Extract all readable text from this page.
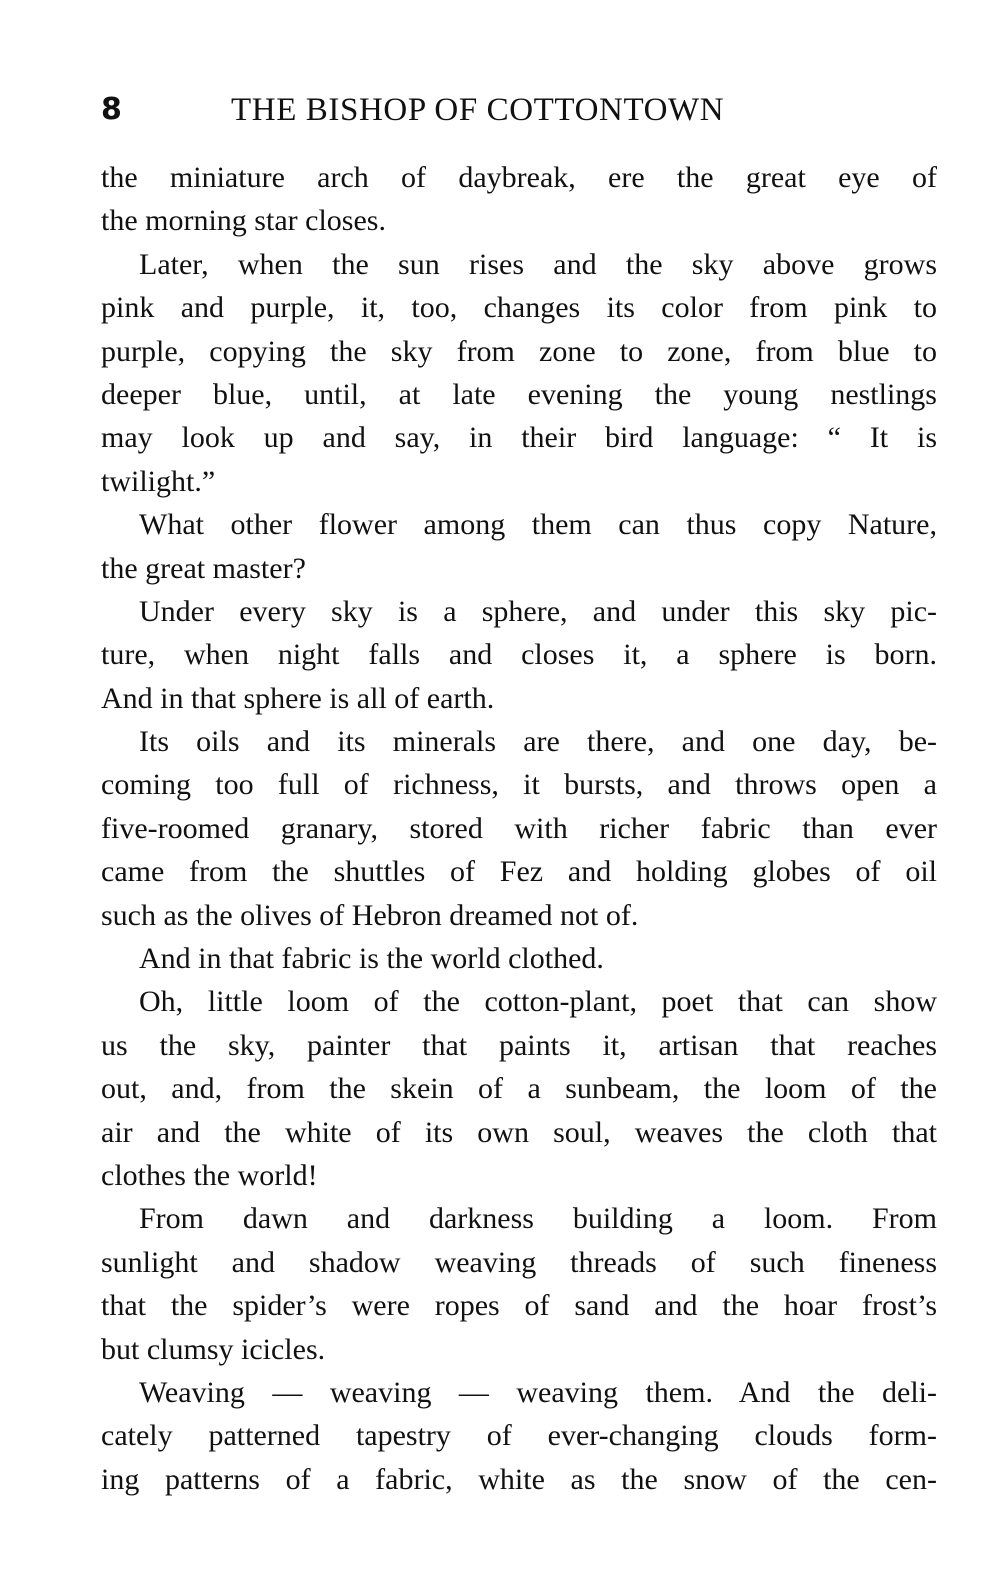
8	THE BISHOP OF COTTONTOWN
the miniature arch of daybreak, ere the great eye of
the morning star closes.
Later, when the sun rises and the sky above grows
pink and purple, it, too, changes its color from pink to
purple, copying the sky from zone to zone, from blue to
deeper blue, until, at late evening the young nestlings
may look up and say, in their bird language: “ It is
twilight.”
What other flower among them can thus copy Nature,
the great master?
Under every sky is a sphere, and under this sky pic-
ture, when night falls and closes it, a sphere is born.
And in that sphere is all of earth.
Its oils and its minerals are there, and one day, be-
coming too full of richness, it bursts, and throws open a
five-roomed granary, stored with richer fabric than ever
came from the shuttles of Fez and holding globes of oil
such as the olives of Hebron dreamed not of.
And in that fabric is the world clothed.
Oh, little loom of the cotton-plant, poet that can show
us the sky, painter that paints it, artisan that reaches
out, and, from the skein of a sunbeam, the loom of the
air and the white of its own soul, weaves the cloth that
clothes the world!
From dawn and darkness building a loom. From
sunlight and shadow weaving threads of such fineness
that the spider’s were ropes of sand and the hoar frost’s
but clumsy icicles.
Weaving — weaving — weaving them. And the deli-
cately patterned tapestry of ever-changing clouds form-
ing patterns of a fabric, white as the snow of the cen-
